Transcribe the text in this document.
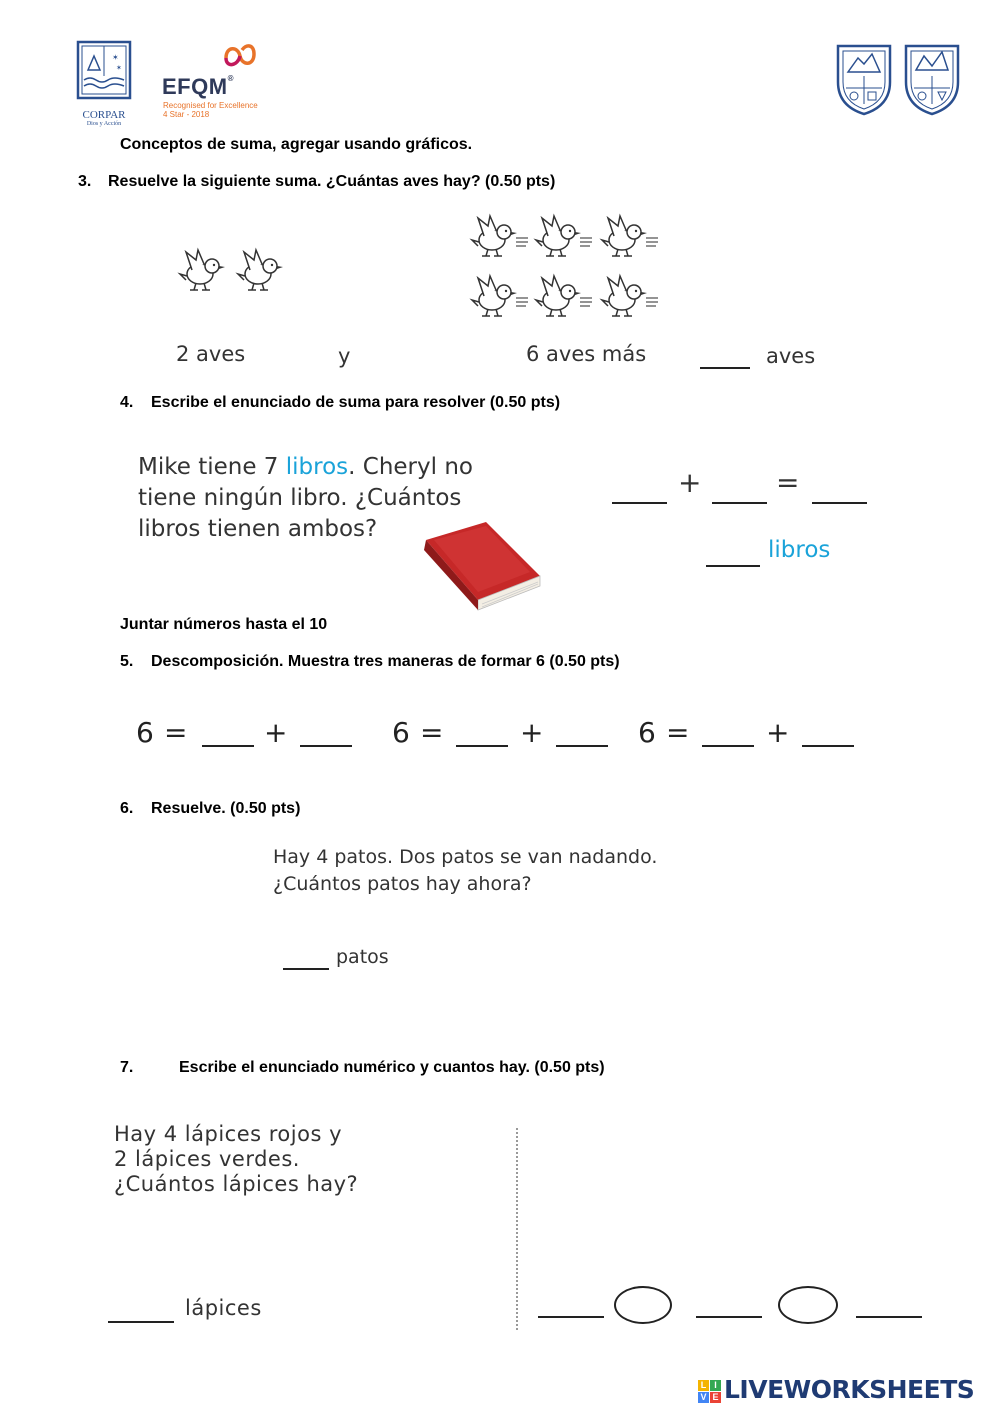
✶
✶
CORPAR
Dios y Acción
EFQM®
Recognised for Excellence
4 Star - 2018
Conceptos de suma, agregar usando gráficos.
3. Resuelve la siguiente suma. ¿Cuántas aves hay? (0.50 pts)
2 aves	y	6 aves más	aves
4. Escribe el enunciado de suma para resolver (0.50 pts)
Mike tiene 7 libros. Cheryl no
tiene ningún libro. ¿Cuántos
libros tienen ambos?
+	=
libros
Juntar números hasta el 10
5. Descomposición. Muestra tres maneras de formar 6 (0.50 pts)
6 =	+	6 =	+	6 =	+
6. Resuelve. (0.50 pts)
Hay 4 patos. Dos patos se van nadando.
¿Cuántos patos hay ahora?
patos
7.	Escribe el enunciado numérico y cuantos hay. (0.50 pts)
Hay 4 lápices rojos y
2 lápices verdes.
¿Cuántos lápices hay?
lápices
L I
V E LIVEWORKSHEETS
